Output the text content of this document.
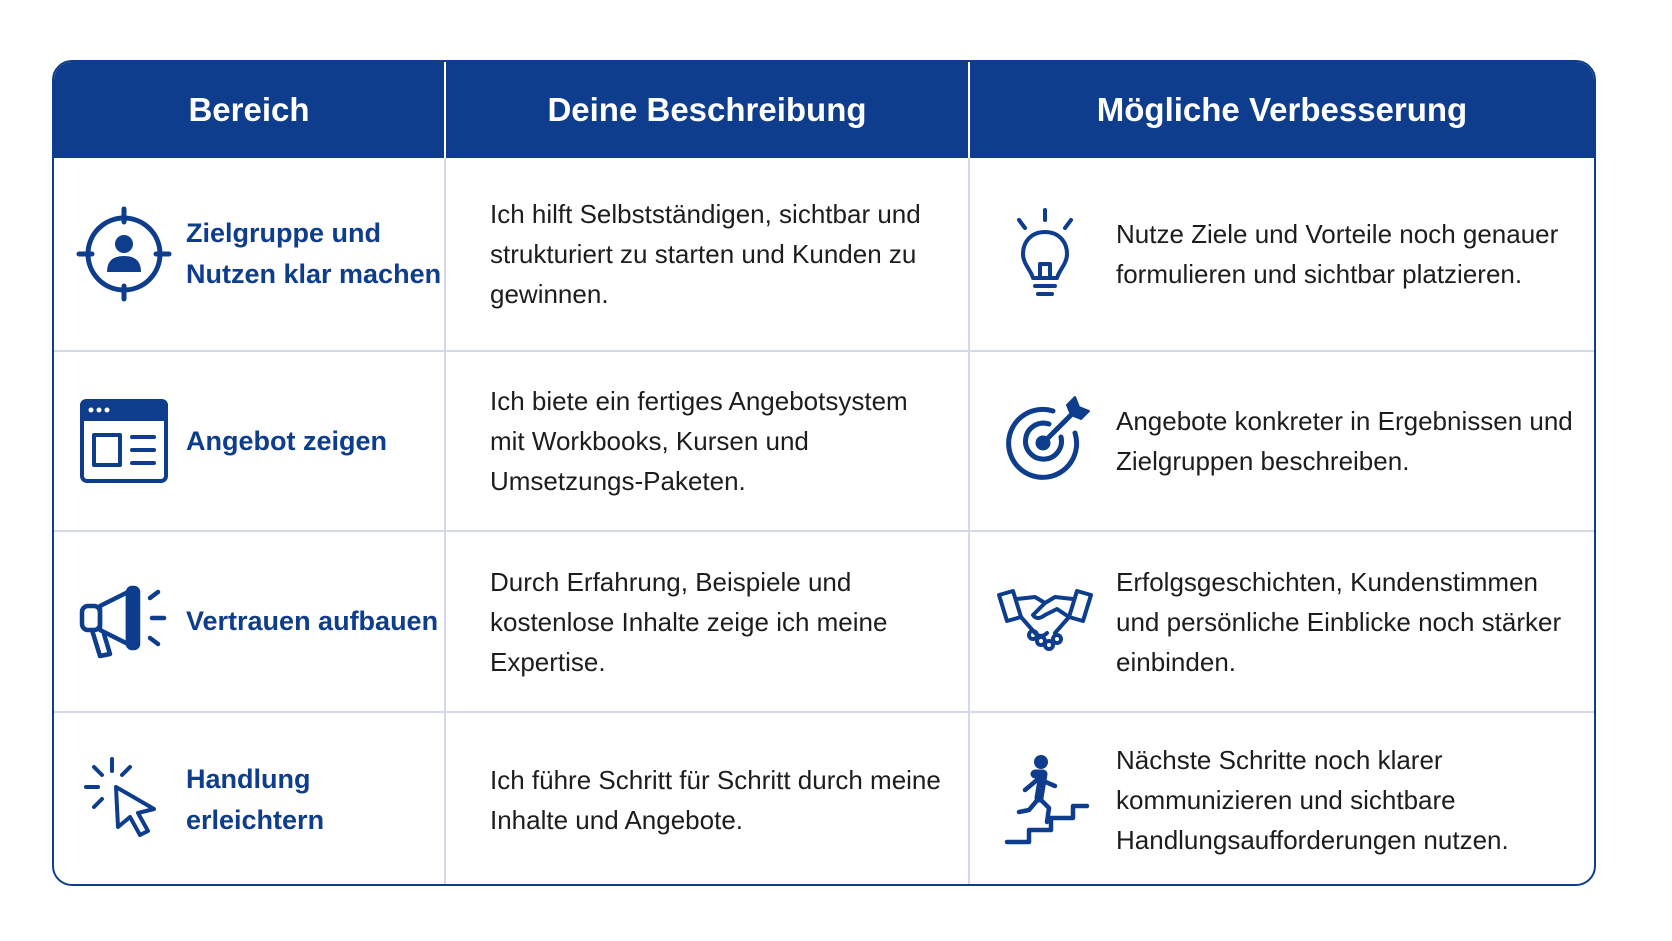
Bereich	Deine Beschreibung	Mögliche Verbesserung
Zielgruppe und
Nutzen klar machen
Ich hilft Selbstständigen, sichtbar und strukturiert zu starten und Kunden zu gewinnen.
Nutze Ziele und Vorteile noch genauer formulieren und sichtbar platzieren.
Angebot zeigen
Ich biete ein fertiges Angebotsystem mit Workbooks, Kursen und Umsetzungs-Paketen.
Angebote konkreter in Ergebnissen und Zielgruppen beschreiben.
Vertrauen aufbauen
Durch Erfahrung, Beispiele und kostenlose Inhalte zeige ich meine Expertise.
Erfolgsgeschichten, Kundenstimmen und persönliche Einblicke noch stärker einbinden.
Handlung erleichtern
Ich führe Schritt für Schritt durch meine Inhalte und Angebote.
Nächste Schritte noch klarer kommunizieren und sichtbare Handlungsaufforderungen nutzen.
